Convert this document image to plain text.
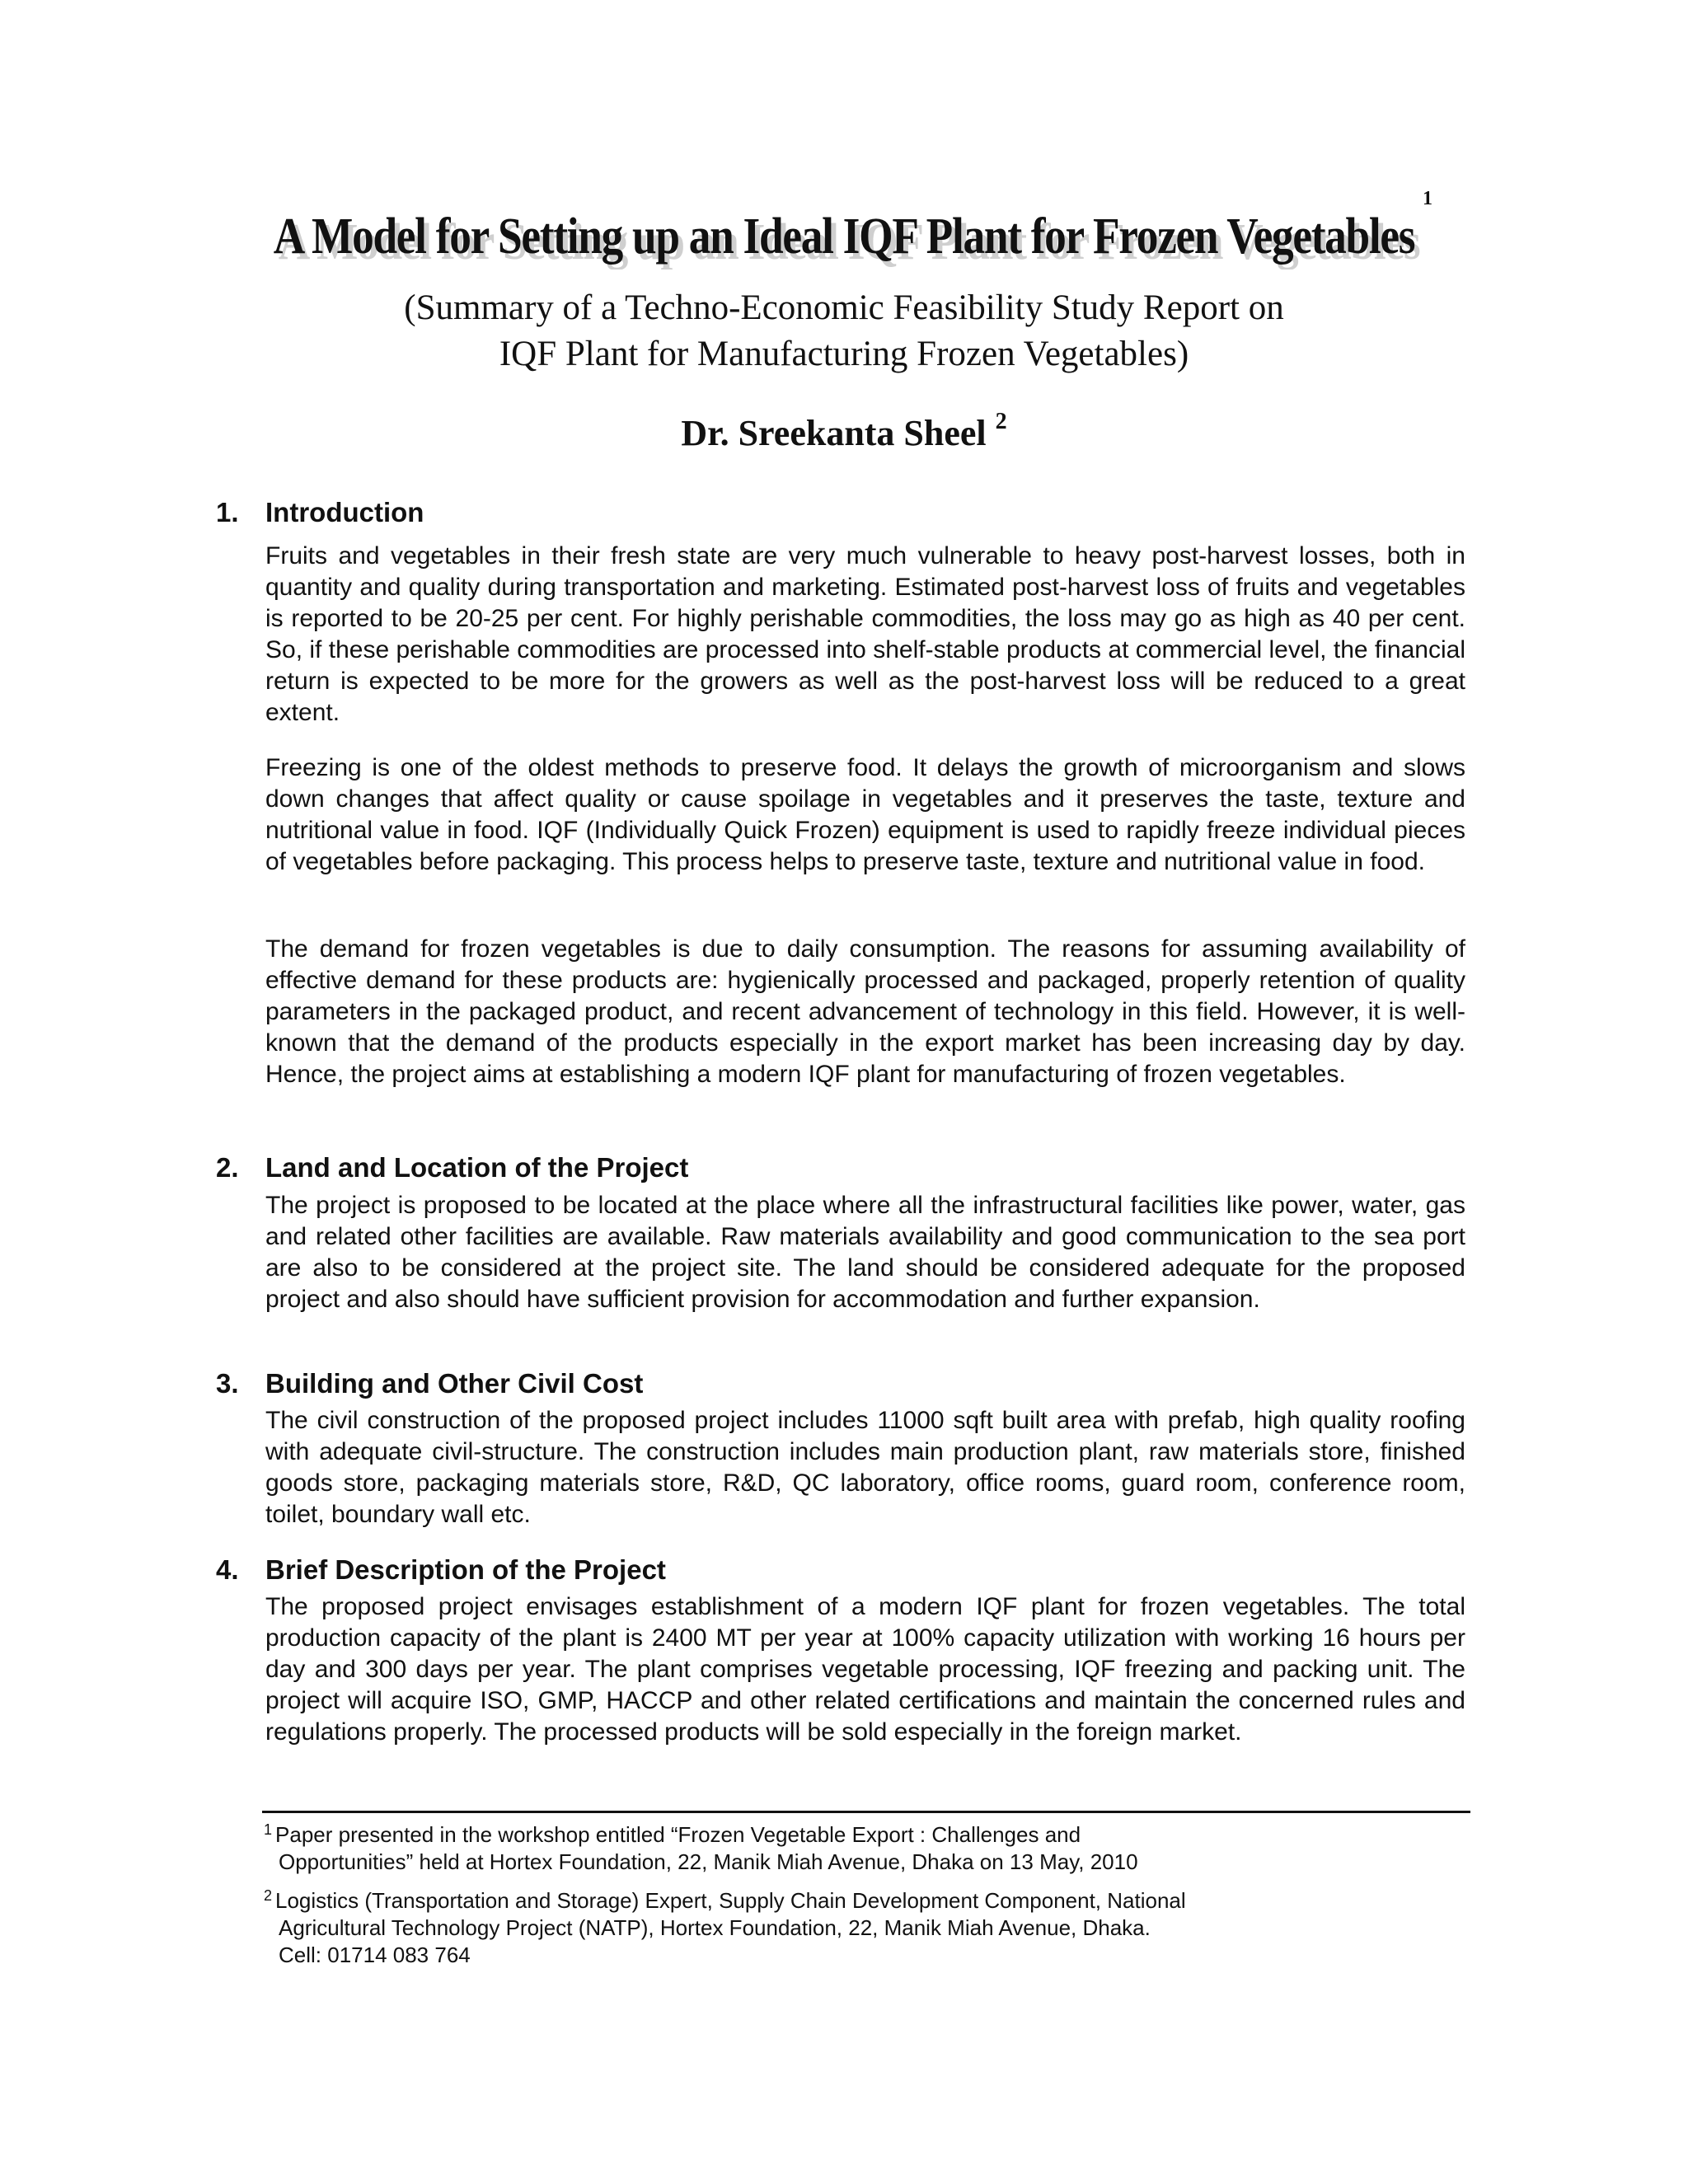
1
A Model for Setting up an Ideal IQF Plant for Frozen Vegetables
(Summary of a Techno-Economic Feasibility Study Report on
IQF Plant for Manufacturing Frozen Vegetables)
Dr. Sreekanta Sheel $^2$
1. Introduction

Fruits and vegetables in their fresh state are very much vulnerable to heavy post-harvest losses, both in quantity and quality during transportation and marketing. Estimated post-harvest loss of fruits and vegetables is reported to be 20-25 per cent. For highly perishable commodities, the loss may go as high as 40 per cent. So, if these perishable commodities are processed into shelf-stable products at commercial level, the financial return is expected to be more for the growers as well as the post-harvest loss will be reduced to a great extent.

Freezing is one of the oldest methods to preserve food. It delays the growth of microorganism and slows down changes that affect quality or cause spoilage in vegetables and it preserves the taste, texture and nutritional value in food. IQF (Individually Quick Frozen) equipment is used to rapidly freeze individual pieces of vegetables before packaging. This process helps to preserve taste, texture and nutritional value in food.

The demand for frozen vegetables is due to daily consumption. The reasons for assuming availability of effective demand for these products are: hygienically processed and packaged, properly retention of quality parameters in the packaged product, and recent advancement of technology in this field. However, it is well-known that the demand of the products especially in the export market has been increasing day by day. Hence, the project aims at establishing a modern IQF plant for manufacturing of frozen vegetables.

2. Land and Location of the Project

The project is proposed to be located at the place where all the infrastructural facilities like power, water, gas and related other facilities are available. Raw materials availability and good communication to the sea port are also to be considered at the project site. The land should be considered adequate for the proposed project and also should have sufficient provision for accommodation and further expansion.

3. Building and Other Civil Cost

The civil construction of the proposed project includes 11000 sqft built area with prefab, high quality roofing with adequate civil-structure. The construction includes main production plant, raw materials store, finished goods store, packaging materials store, R&D, QC laboratory, office rooms, guard room, conference room, toilet, boundary wall etc.

4. Brief Description of the Project

The proposed project envisages establishment of a modern IQF plant for frozen vegetables. The total production capacity of the plant is 2400 MT per year at 100% capacity utilization with working 16 hours per day and 300 days per year. The plant comprises vegetable processing, IQF freezing and packing unit. The project will acquire ISO, GMP, HACCP and other related certifications and maintain the concerned rules and regulations properly. The processed products will be sold especially in the foreign market.

$^1$ Paper presented in the workshop entitled “Frozen Vegetable Export : Challenges and
Opportunities” held at Hortex Foundation, 22, Manik Miah Avenue, Dhaka on 13 May, 2010

$^2$ Logistics (Transportation and Storage) Expert, Supply Chain Development Component, National
Agricultural Technology Project (NATP), Hortex Foundation, 22, Manik Miah Avenue, Dhaka.
Cell: 01714 083 764
